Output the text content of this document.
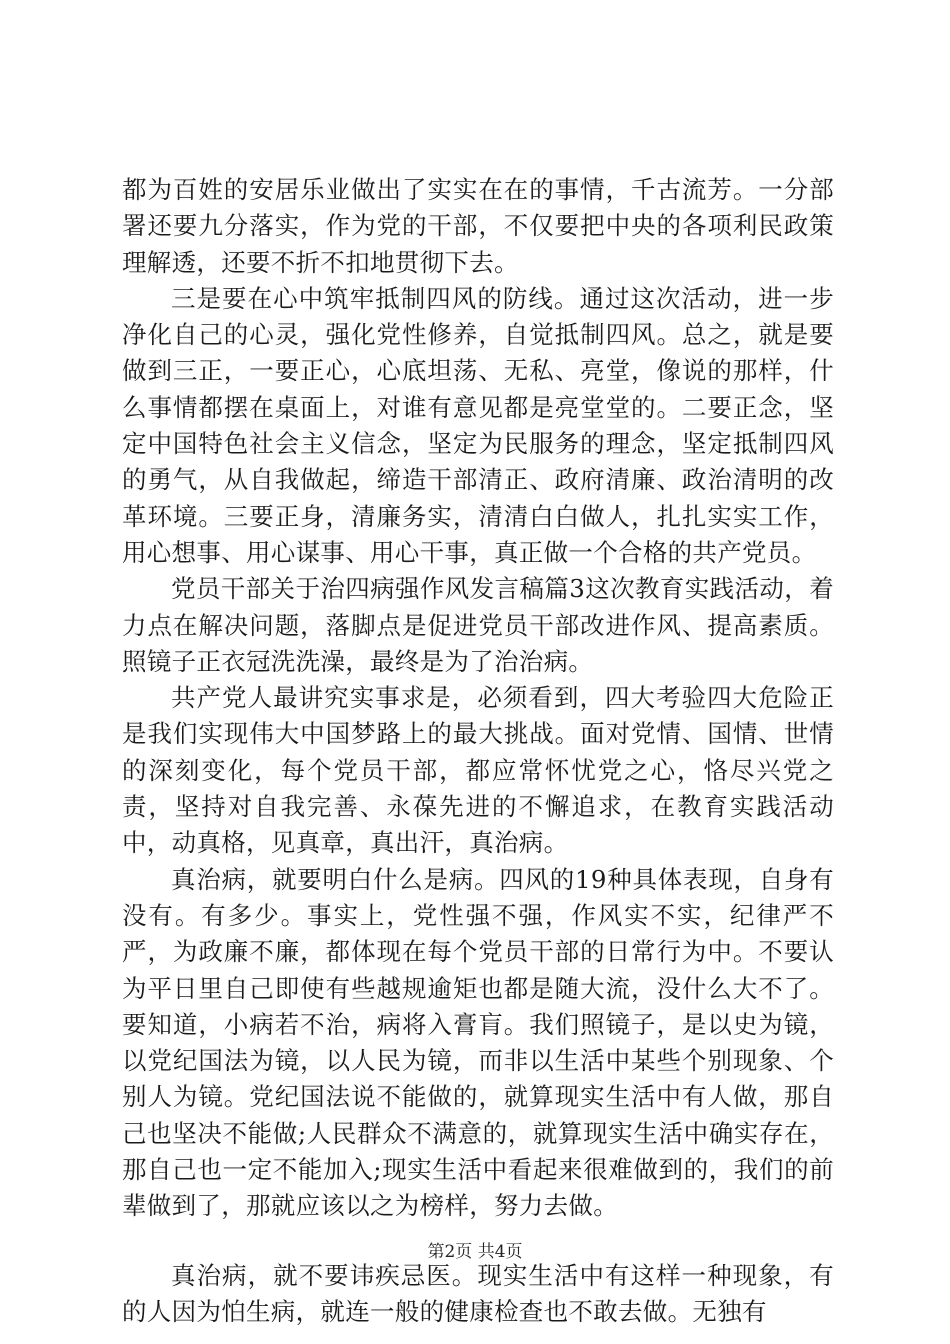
都为百姓的安居乐业做出了实实在在的事情，千古流芳。一分部署还要九分落实，作为党的干部，不仅要把中央的各项利民政策理解透，还要不折不扣地贯彻下去。

三是要在心中筑牢抵制四风的防线。通过这次活动，进一步净化自己的心灵，强化党性修养，自觉抵制四风。总之，就是要做到三正，一要正心，心底坦荡、无私、亮堂，像说的那样，什么事情都摆在桌面上，对谁有意见都是亮堂堂的。二要正念，坚定中国特色社会主义信念，坚定为民服务的理念，坚定抵制四风的勇气，从自我做起，缔造干部清正、政府清廉、政治清明的改革环境。三要正身，清廉务实，清清白白做人，扎扎实实工作，用心想事、用心谋事、用心干事，真正做一个合格的共产党员。

党员干部关于治四病强作风发言稿篇3这次教育实践活动，着力点在解决问题，落脚点是促进党员干部改进作风、提高素质。照镜子正衣冠洗洗澡，最终是为了治治病。

共产党人最讲究实事求是，必须看到，四大考验四大危险正是我们实现伟大中国梦路上的最大挑战。面对党情、国情、世情的深刻变化，每个党员干部，都应常怀忧党之心，恪尽兴党之责，坚持对自我完善、永葆先进的不懈追求，在教育实践活动中，动真格，见真章，真出汗，真治病。

真治病，就要明白什么是病。四风的19种具体表现，自身有没有。有多少。事实上，党性强不强，作风实不实，纪律严不严，为政廉不廉，都体现在每个党员干部的日常行为中。不要认为平日里自己即使有些越规逾矩也都是随大流，没什么大不了。要知道，小病若不治，病将入膏肓。我们照镜子，是以史为镜，以党纪国法为镜，以人民为镜，而非以生活中某些个别现象、个别人为镜。党纪国法说不能做的，就算现实生活中有人做，那自己也坚决不能做;人民群众不满意的，就算现实生活中确实存在，那自己也一定不能加入;现实生活中看起来很难做到的，我们的前辈做到了，那就应该以之为榜样，努力去做。

真治病，就不要讳疾忌医。现实生活中有这样一种现象，有的人因为怕生病，就连一般的健康检查也不敢去做。无独有

第2页 共4页
